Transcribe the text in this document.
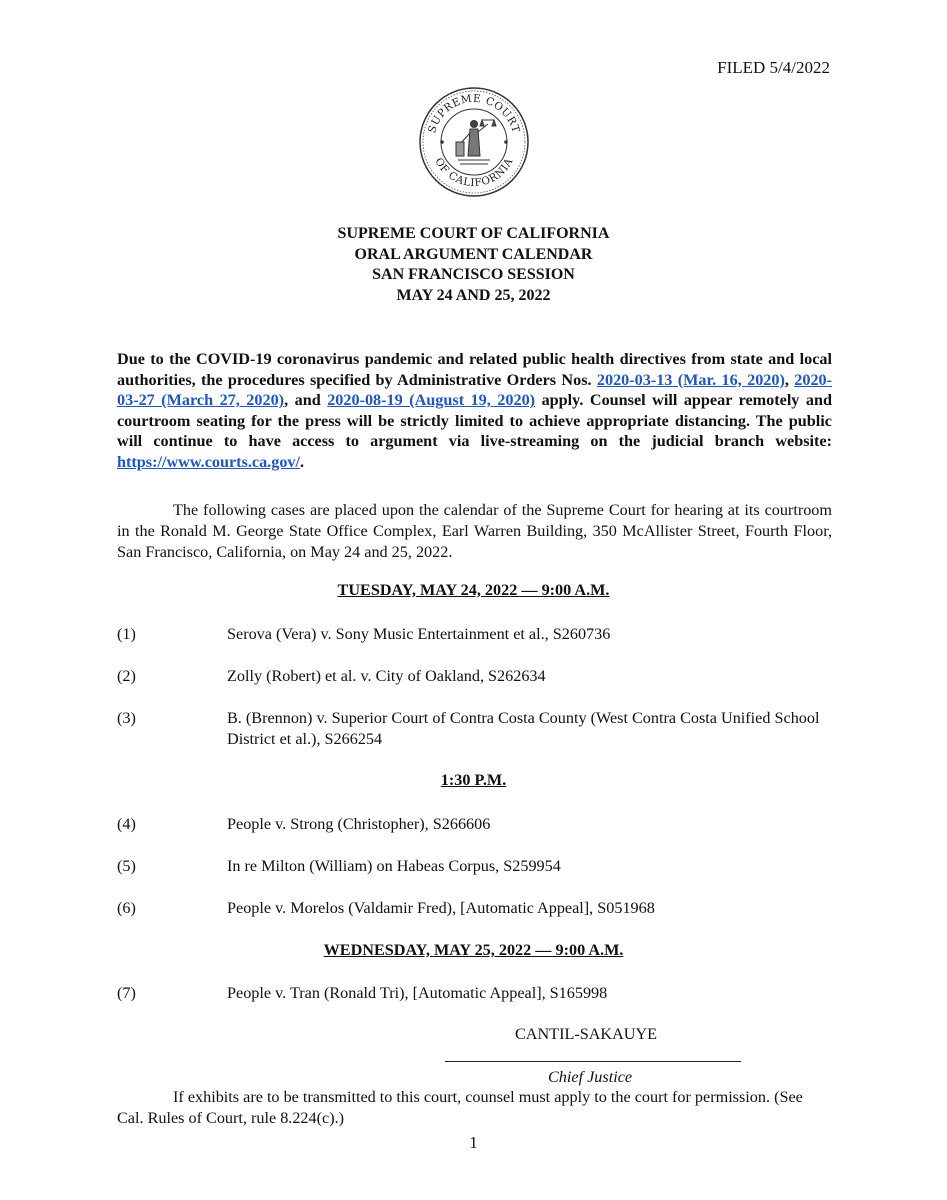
FILED 5/4/2022
SUPREME COURT
OF CALIFORNIA
SUPREME COURT OF CALIFORNIA
ORAL ARGUMENT CALENDAR
SAN FRANCISCO SESSION
MAY 24 AND 25, 2022
Due to the COVID-19 coronavirus pandemic and related public health directives from state and local authorities, the procedures specified by Administrative Orders Nos. 2020-03-13 (Mar. 16, 2020), 2020-03-27 (March 27, 2020), and 2020-08-19 (August 19, 2020) apply. Counsel will appear remotely and courtroom seating for the press will be strictly limited to achieve appropriate distancing. The public will continue to have access to argument via live-streaming on the judicial branch website: https://www.courts.ca.gov/.
The following cases are placed upon the calendar of the Supreme Court for hearing at its courtroom in the Ronald M. George State Office Complex, Earl Warren Building, 350 McAllister Street, Fourth Floor, San Francisco, California, on May 24 and 25, 2022.
TUESDAY, MAY 24, 2022 — 9:00 A.M.
(1)	Serova (Vera) v. Sony Music Entertainment et al., S260736
(2)	Zolly (Robert) et al. v. City of Oakland, S262634
(3)	B. (Brennon) v. Superior Court of Contra Costa County (West Contra Costa Unified School District et al.), S266254
1:30 P.M.
(4)	People v. Strong (Christopher), S266606
(5)	In re Milton (William) on Habeas Corpus, S259954
(6)	People v. Morelos (Valdamir Fred), [Automatic Appeal], S051968
WEDNESDAY, MAY 25, 2022 — 9:00 A.M.
(7)	People v. Tran (Ronald Tri), [Automatic Appeal], S165998
CANTIL-SAKAUYE
Chief Justice
If exhibits are to be transmitted to this court, counsel must apply to the court for permission. (See Cal. Rules of Court, rule 8.224(c).)
1
